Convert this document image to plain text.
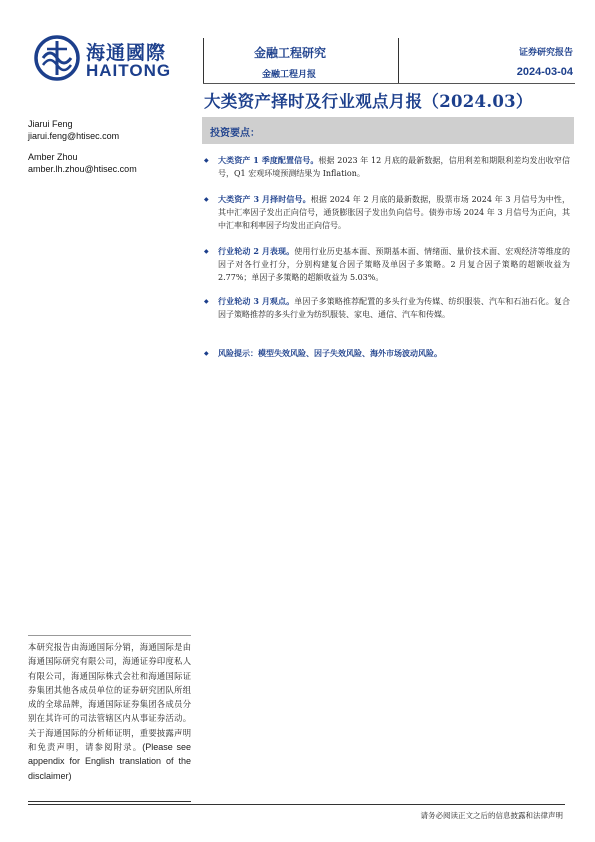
海通國際
HAITONG
金融工程研究
金融工程月报
证券研究报告
2024-03-04
大类资产择时及行业观点月报（2024.03）
Jiarui Feng
jiarui.feng@htisec.com
Amber Zhou
amber.lh.zhou@htisec.com
投资要点：
◆ 大类资产 1 季度配置信号。根据 2023 年 12 月底的最新数据，信用利差和期限利差均发出收窄信号，Q1 宏观环境预测结果为 Inflation。
◆ 大类资产 3 月择时信号。根据 2024 年 2 月底的最新数据，股票市场 2024 年 3 月信号为中性，其中汇率因子发出正向信号，通货膨胀因子发出负向信号。债券市场 2024 年 3 月信号为正向，其中汇率和利率因子均发出正向信号。
◆ 行业轮动 2 月表现。使用行业历史基本面、预期基本面、情绪面、量价技术面、宏观经济等维度的因子对各行业打分，分别构建复合因子策略及单因子多策略。2 月复合因子策略的超额收益为 2.77%；单因子多策略的超额收益为 5.03%。
◆ 行业轮动 3 月观点。单因子多策略推荐配置的多头行业为传媒、纺织服装、汽车和石油石化。复合因子策略推荐的多头行业为纺织服装、家电、通信、汽车和传媒。
◆ 风险提示：模型失效风险、因子失效风险、海外市场波动风险。
本研究报告由海通国际分销，海通国际是由海通国际研究有限公司，海通证券印度私人有限公司，海通国际株式会社和海通国际证券集团其他各成员单位的证券研究团队所组成的全球品牌，海通国际证券集团各成员分别在其许可的司法管辖区内从事证券活动。关于海通国际的分析师证明，重要披露声明和免责声明，请参阅附录。(Please see appendix for English translation of the disclaimer)
请务必阅读正文之后的信息披露和法律声明
